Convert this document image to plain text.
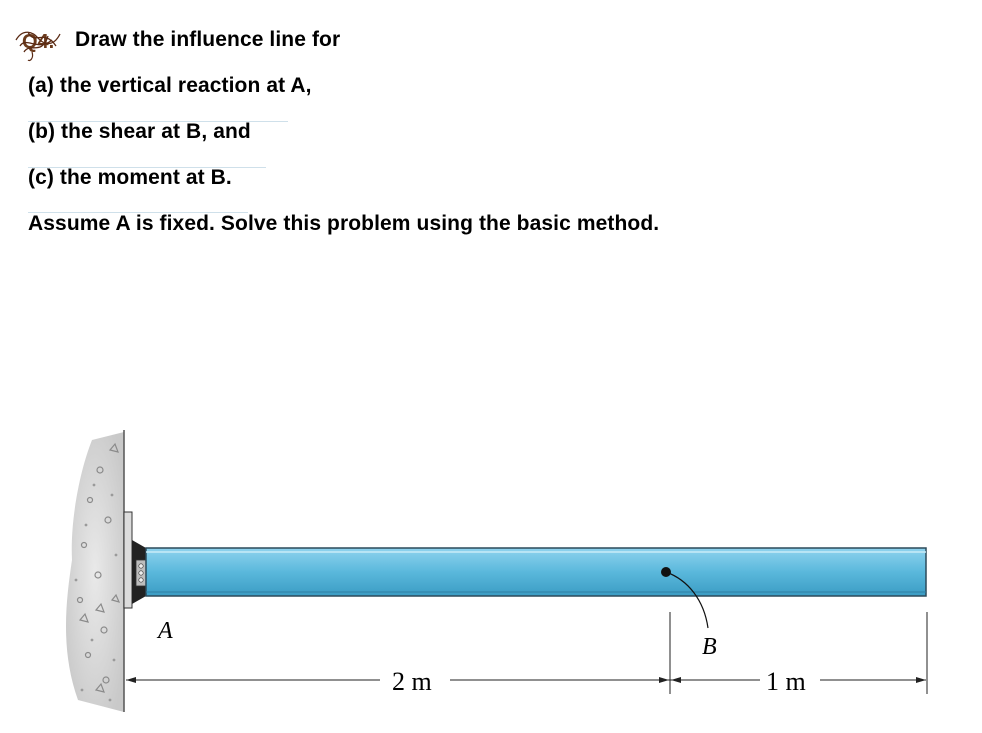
Q4. Draw the influence line for
(a) the vertical reaction at A,
(b) the shear at B, and
(c) the moment at B.
Assume A is fixed. Solve this problem using the basic method.
A
B
2 m	1 m
